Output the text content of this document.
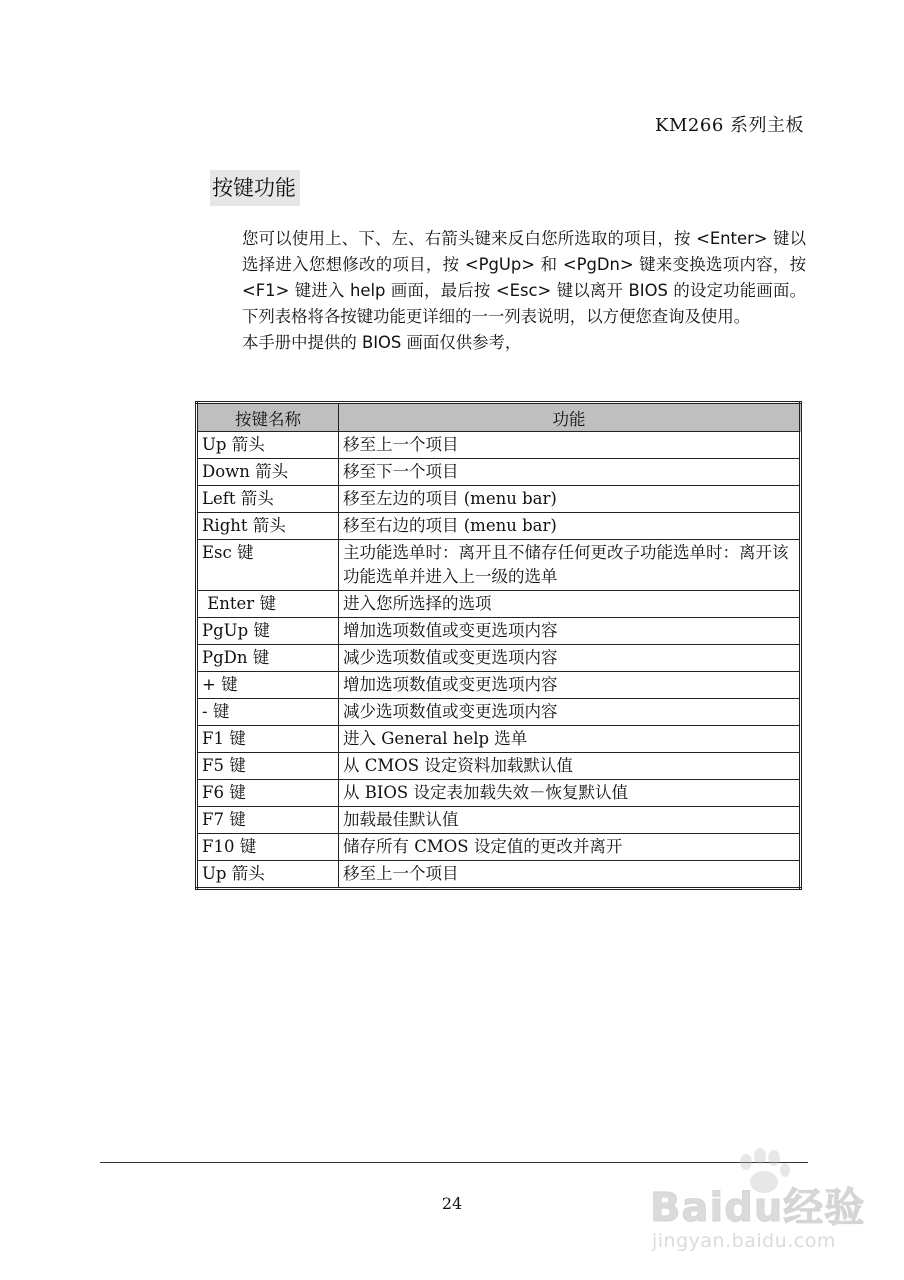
KM266 系列主板
按键功能

您可以使用上、下、左、右箭头键来反白您所选取的项目，按 <Enter> 键以选择进入您想修改的项目，按 <PgUp> 和 <PgDn> 键来变换选项内容，按 <F1> 键进入 help 画面，最后按 <Esc> 键以离开 BIOS 的设定功能画面。下列表格将各按键功能更详细的一一列表说明，以方便您查询及使用。

本手册中提供的 BIOS 画面仅供参考，

按键名称	功能
Up 箭头	移至上一个项目
Down 箭头	移至下一个项目
Left 箭头	移至左边的项目 (menu bar)
Right 箭头	移至右边的项目 (menu bar)
Esc 键	主功能选单时：离开且不储存任何更改子功能选单时：离开该功能选单并进入上一级的选单
Enter 键	进入您所选择的选项
PgUp 键	增加选项数值或变更选项内容
PgDn 键	减少选项数值或变更选项内容
+ 键	增加选项数值或变更选项内容
- 键	减少选项数值或变更选项内容
F1 键	进入 General help 选单
F5 键	从 CMOS 设定资料加载默认值
F6 键	从 BIOS 设定表加载失效－恢复默认值
F7 键	加载最佳默认值
F10 键	储存所有 CMOS 设定值的更改并离开
Up 箭头	移至上一个项目
24	Baidu经验
jingyan.baidu.com
